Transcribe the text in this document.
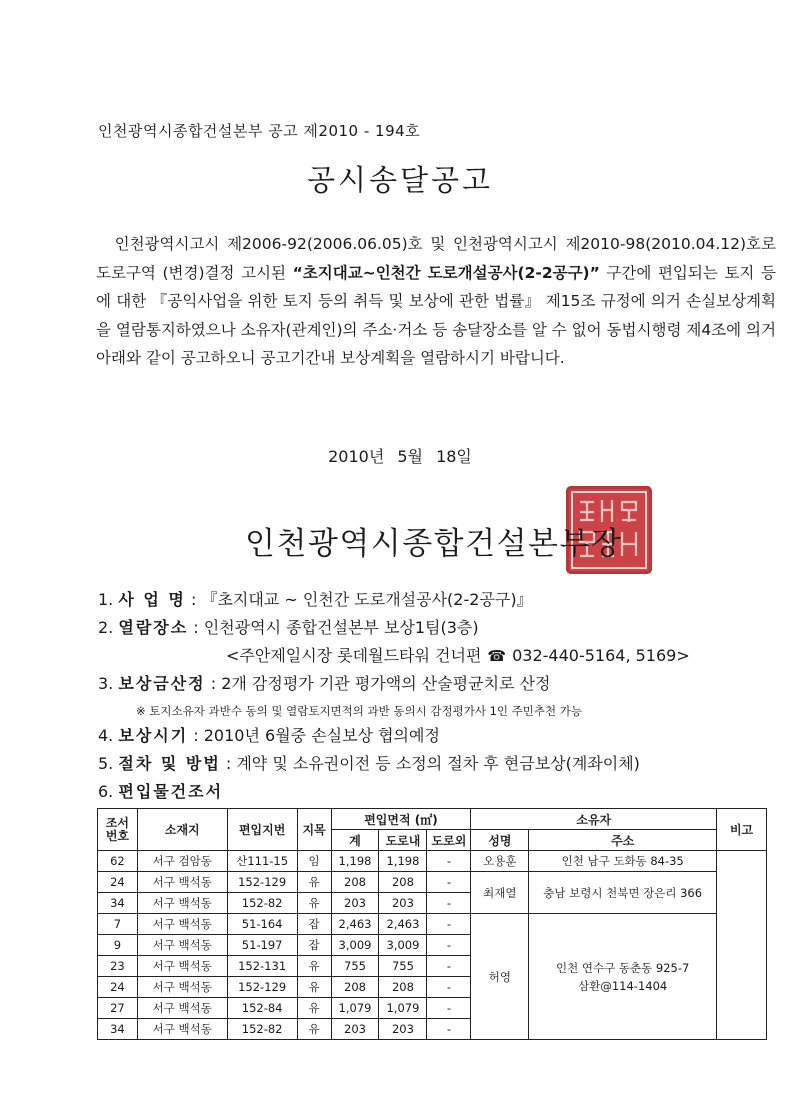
인천광역시종합건설본부 공고 제2010 - 194호
공시송달공고

인천광역시고시 제2006-92(2006.06.05)호 및 인천광역시고시 제2010-98(2010.04.12)호로 도로구역 (변경)결정 고시된 “초지대교~인천간 도로개설공사(2-2공구)” 구간에 편입되는 토지 등에 대한 『공익사업을 위한 토지 등의 취득 및 보상에 관한 법률』 제15조 규정에 의거 손실보상계획을 열람통지하였으나 소유자(관계인)의 주소·거소 등 송달장소를 알 수 없어 동법시행령 제4조에 의거 아래와 같이 공고하오니 공고기간내 보상계획을 열람하시기 바랍니다.

2010년 5월 18일
인천광역시종합건설본부장
1. 사 업 명 : 『초지대교 ~ 인천간 도로개설공사(2-2공구)』
2. 열람장소 : 인천광역시 종합건설본부 보상1팀(3층)
<주안제일시장 롯데월드타워 건너편 ☎ 032-440-5164, 5169>
3. 보상금산정 : 2개 감정평가 기관 평가액의 산술평균치로 산정
※ 토지소유자 과반수 동의 및 열람토지면적의 과반 동의시 감정평가사 1인 주민추천 가능
4. 보상시기 : 2010년 6월중 손실보상 협의예정
5. 절차 및 방법 : 계약 및 소유권이전 등 소정의 절차 후 현금보상(계좌이체)
6. 편입물건조서
조서번호	소재지	편입지번	지목	편입면적 (㎡)			소유자		비고
				계	도로내	도로외	성명	주소	
62	서구 검암동	산111-15	임	1,198	1,198	-	오용훈	인천 남구 도화동 84-35	
24	서구 백석동	152-129	유	208	208	-	최재열	충남 보령시 천북면 장은리 366	
34	서구 백석동	152-82	유	203	203	-			
7	서구 백석동	51-164	잡	2,463	2,463	-	허영	인천 연수구 동춘동 925-7
삼환@114-1404	

9	서구 백석동	51-197	잡	3,009	3,009	-			
23	서구 백석동	152-131	유	755	755	-			
24	서구 백석동	152-129	유	208	208	-			
27	서구 백석동	152-84	유	1,079	1,079	-			
34	서구 백석동	152-82	유	203	203	-			
